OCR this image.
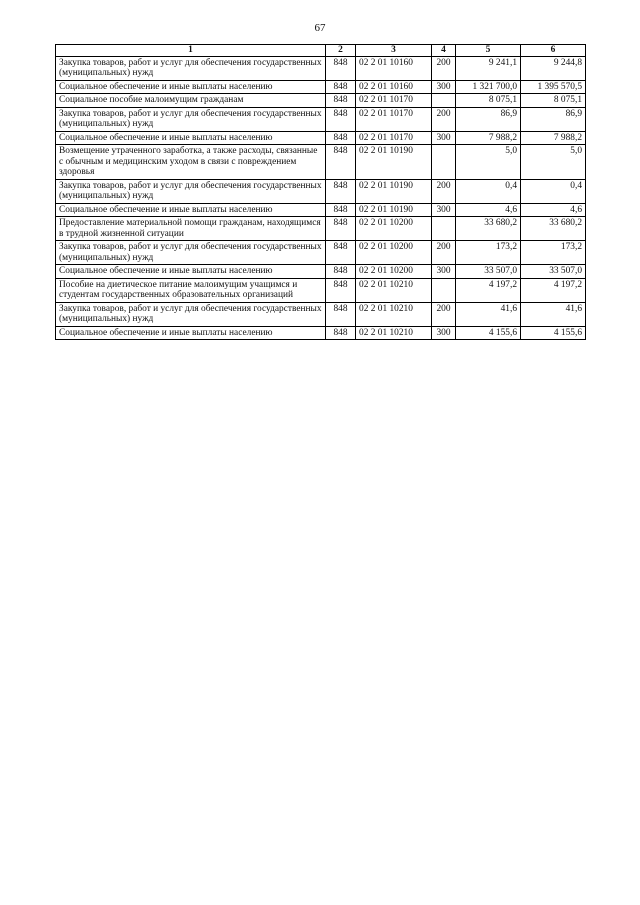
67
1	2	3	4	5	6
Закупка товаров, работ и услуг для обеспечения государственных (муниципальных) нужд	848	02 2 01 10160	200	9 241,1	9 244,8
Социальное обеспечение и иные выплаты населению	848	02 2 01 10160	300	1 321 700,0	1 395 570,5
Социальное пособие малоимущим гражданам	848	02 2 01 10170		8 075,1	8 075,1
Закупка товаров, работ и услуг для обеспечения государственных (муниципальных) нужд	848	02 2 01 10170	200	86,9	86,9
Социальное обеспечение и иные выплаты населению	848	02 2 01 10170	300	7 988,2	7 988,2
Возмещение утраченного заработка, а также расходы, связанные с обычным и медицинским уходом в связи с повреждением здоровья	848	02 2 01 10190		5,0	5,0
Закупка товаров, работ и услуг для обеспечения государственных (муниципальных) нужд	848	02 2 01 10190	200	0,4	0,4
Социальное обеспечение и иные выплаты населению	848	02 2 01 10190	300	4,6	4,6
Предоставление материальной помощи гражданам, находящимся в трудной жизненной ситуации	848	02 2 01 10200		33 680,2	33 680,2
Закупка товаров, работ и услуг для обеспечения государственных (муниципальных) нужд	848	02 2 01 10200	200	173,2	173,2
Социальное обеспечение и иные выплаты населению	848	02 2 01 10200	300	33 507,0	33 507,0
Пособие на диетическое питание малоимущим учащимся и студентам государственных образовательных организаций	848	02 2 01 10210		4 197,2	4 197,2
Закупка товаров, работ и услуг для обеспечения государственных (муниципальных) нужд	848	02 2 01 10210	200	41,6	41,6
Социальное обеспечение и иные выплаты населению	848	02 2 01 10210	300	4 155,6	4 155,6
